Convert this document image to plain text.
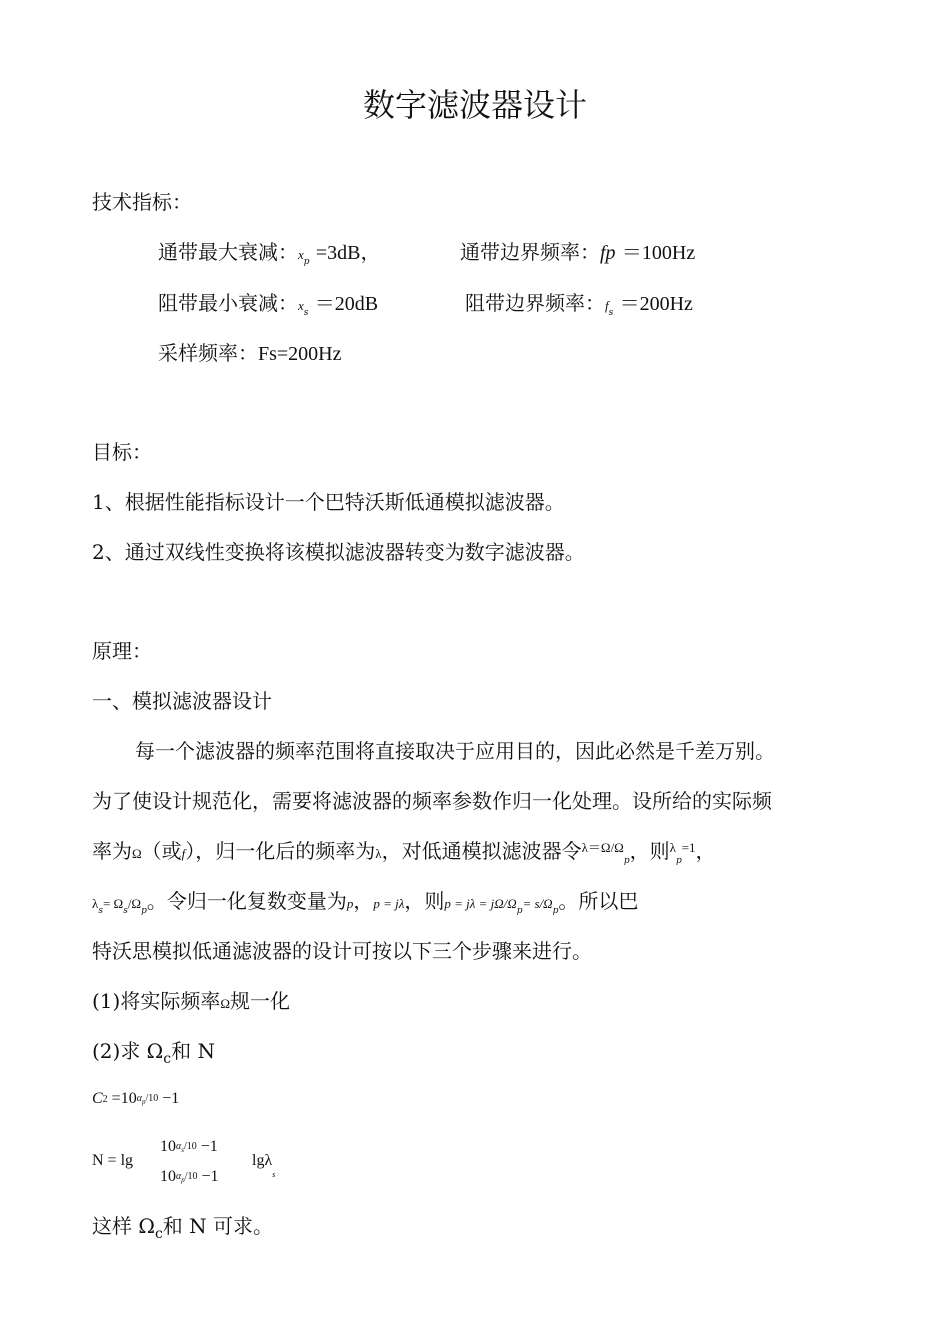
数字滤波器设计
技术指标：
通带最大衰减：$x_p =3dB$，	通带边界频率：fp ＝100Hz
阻带最小衰减：$x_s =20dB$	阻带边界频率：$f_s =200Hz$
采样频率：Fs=200Hz
目标：
1、根据性能指标设计一个巴特沃斯低通模拟滤波器。
2、通过双线性变换将该模拟滤波器转变为数字滤波器。
原理：
一、模拟滤波器设计
每一个滤波器的频率范围将直接取决于应用目的，因此必然是千差万别。
为了使设计规范化，需要将滤波器的频率参数作归一化处理。设所给的实际频
率为Ω（或f），归一化后的频率为λ，对低通模拟滤波器令$^{\lambda=\Omega/\Omega}_p$，则$^\lambda_p^{=1}$，
$\lambda_s= \Omega_s/\Omega_p$。令归一化复数变量为p，p = jλ，则$p = j\lambda = j\Omega/\Omega_p= s/\Omega_p$。所以巴
特沃思模拟低通滤波器的设计可按以下三个步骤来进行。
(1)将实际频率Ω规一化
(2)求 $\Omega_c$和 N
$C2 =10\alpha_p/10 -1$
N = lg
$10\alpha_s/10 -1$
$10\alpha_p/10 -1$
lgλ$_s$
这样 $\Omega_c$和 N 可求。
